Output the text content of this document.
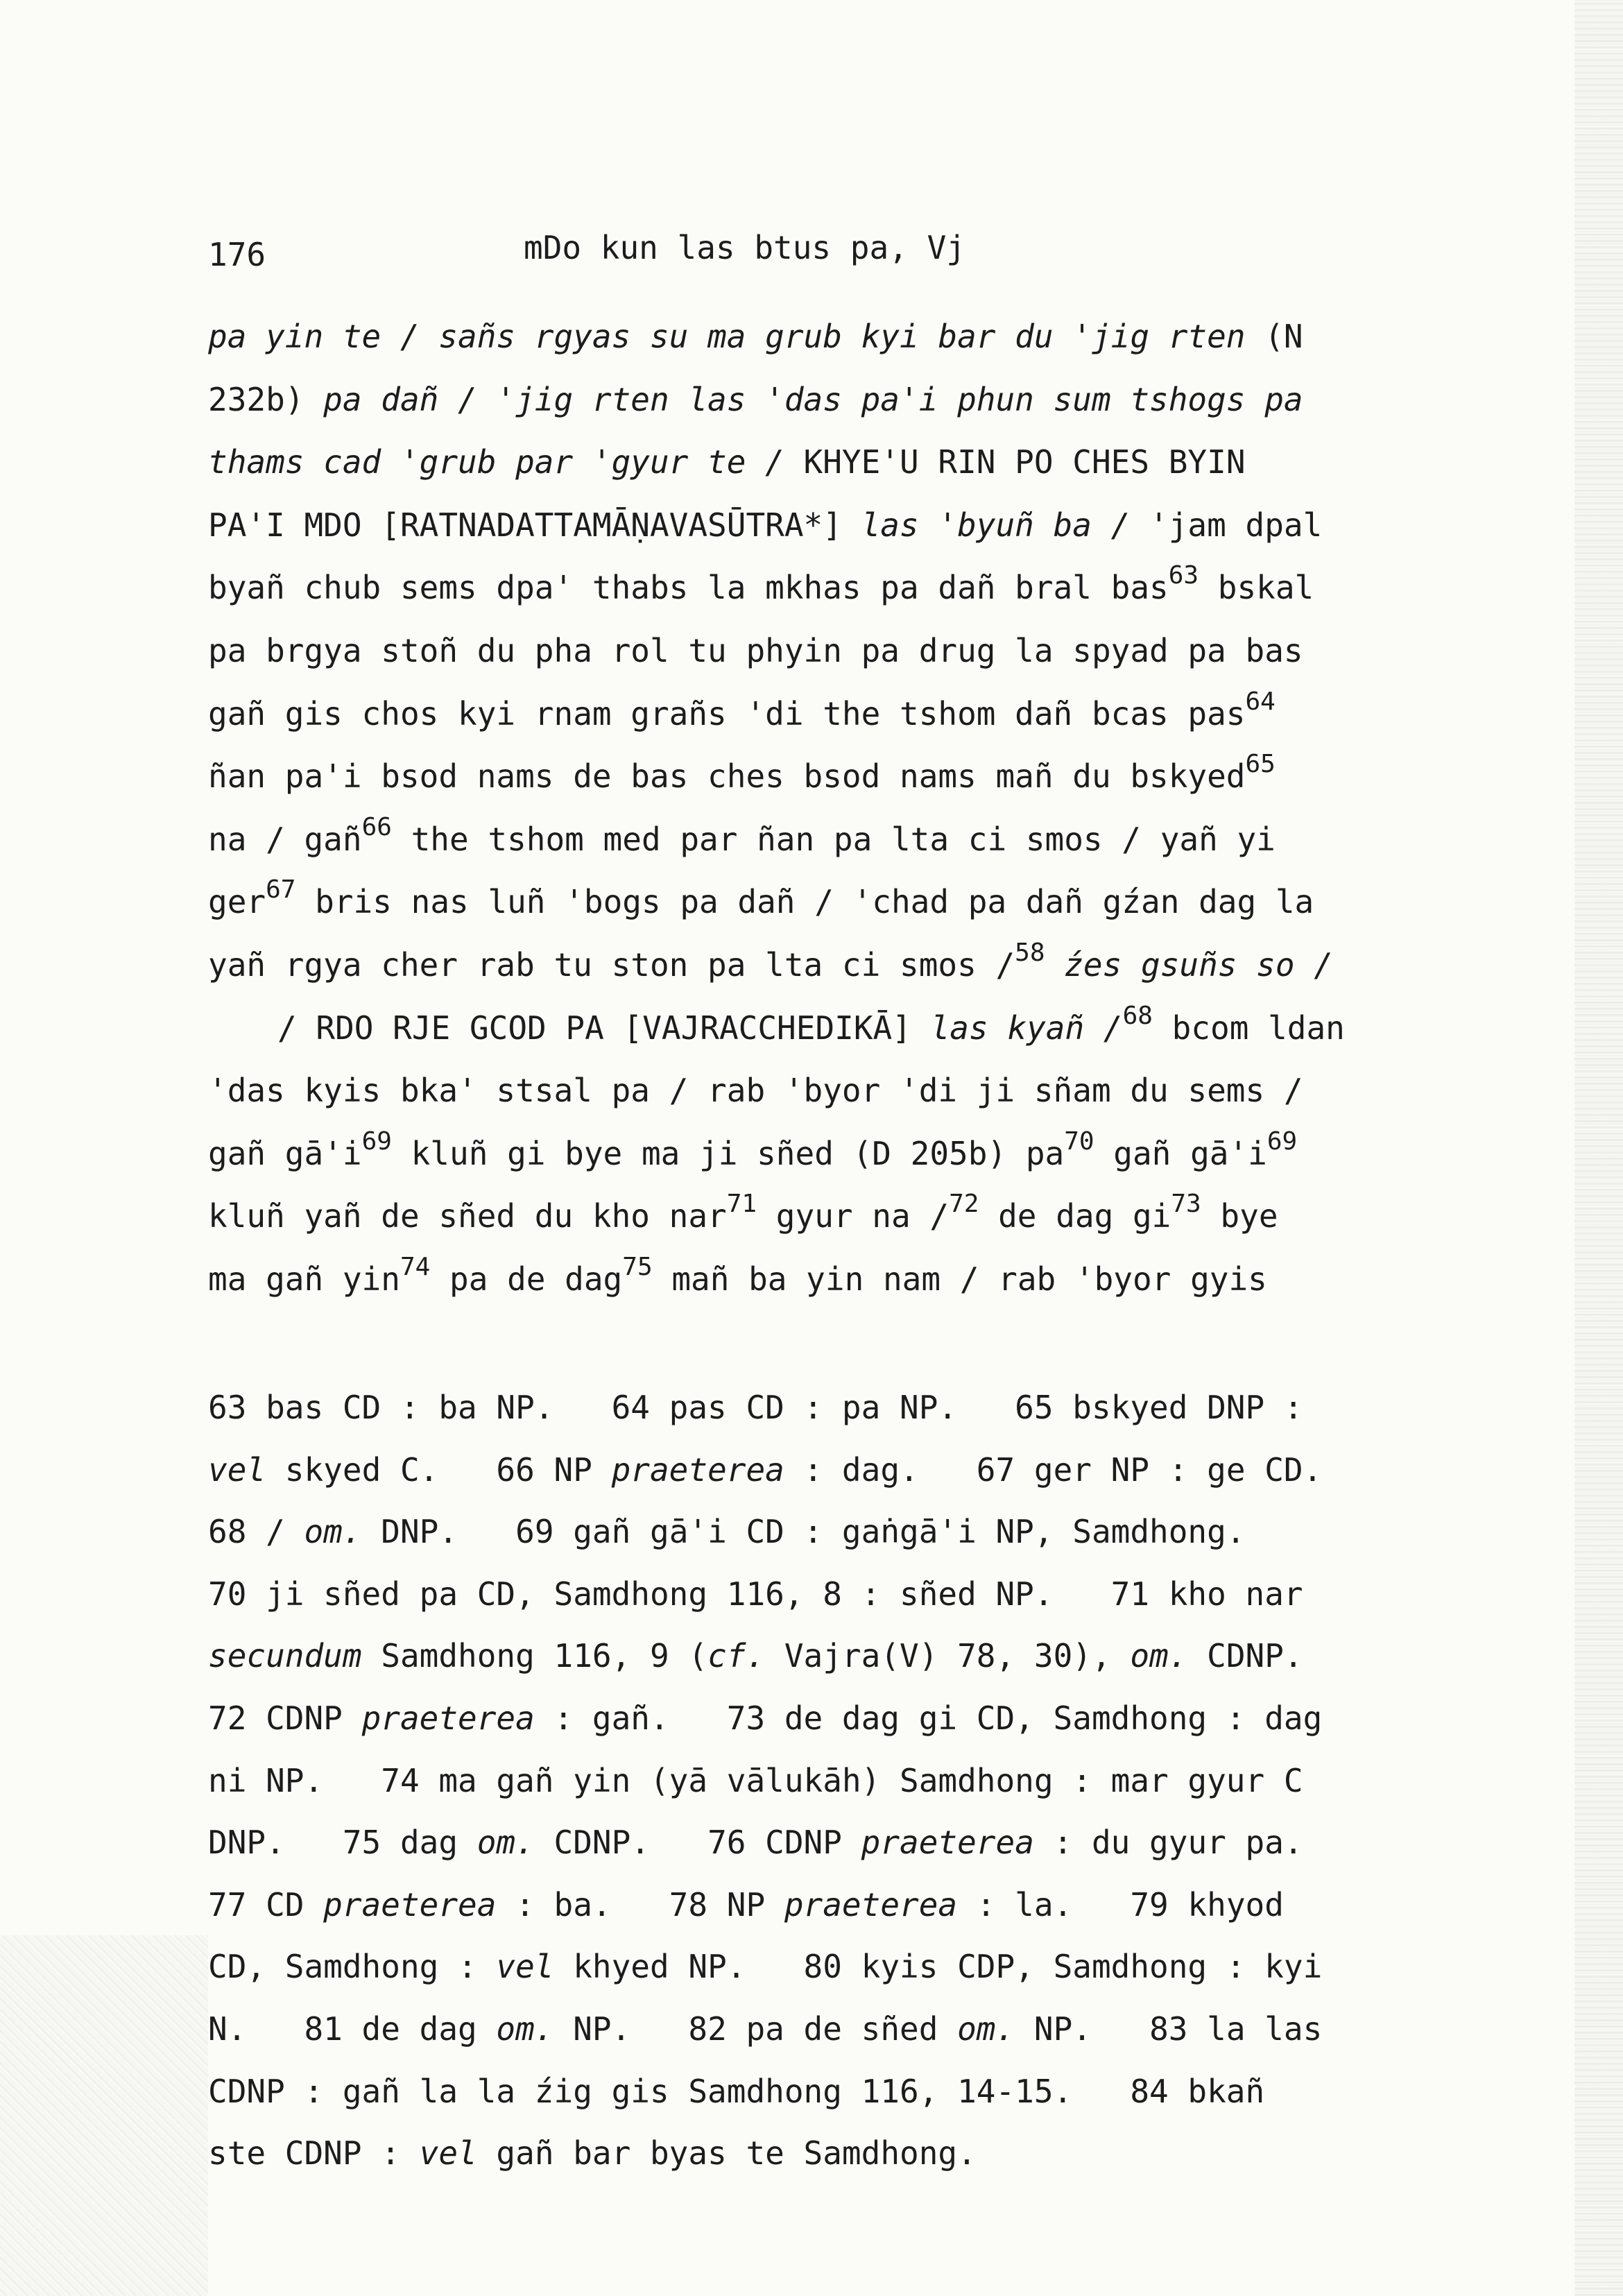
176	mDo kun las btus pa, Vj
pa yin te / sañs rgyas su ma grub kyi bar du 'jig rten (N
232b) pa dañ / 'jig rten las 'das pa'i phun sum tshogs pa
thams cad 'grub par 'gyur te / KHYE'U RIN PO CHES BYIN
PA'I MDO [RATNADATTAMĀṆAVASŪTRA*] las 'byuñ ba / 'jam dpal
byañ chub sems dpa' thabs la mkhas pa dañ bral bas$^{63}$ bskal
pa brgya stoñ du pha rol tu phyin pa drug la spyad pa bas
gañ gis chos kyi rnam grañs 'di the tshom dañ bcas pas$^{64}$
ñan pa'i bsod nams de bas ches bsod nams mañ du bskyed$^{65}$
na / gañ$^{66}$ the tshom med par ñan pa lta ci smos / yañ yi
ger$^{67}$ bris nas luñ 'bogs pa dañ / 'chad pa dañ gźan dag la
yañ rgya cher rab tu ston pa lta ci smos /$^{58}$ źes gsuñs so /
/ RDO RJE GCOD PA [VAJRACCHEDIKĀ] las kyañ /$^{68}$ bcom ldan
'das kyis bka' stsal pa / rab 'byor 'di ji sñam du sems /
gañ $gā'i^{69}$ kluñ gi bye ma ji sñed (D 205b) $pa^{70}$ gañ $gā'i^{69}$
kluñ yañ de sñed du kho nar$^{71}$ gyur na /$^{72}$ de dag $gi^{73}$ bye
ma gañ yin$^{74}$ pa de dag$^{75}$ mañ ba yin nam / rab 'byor gyis
63 bas CD : ba NP.   64 pas CD : pa NP.   65 bskyed DNP :
vel skyed C.   66 NP praeterea : dag.   67 ger NP : ge CD.
68 / om. DNP.   69 gañ gā'i CD : gaṅgā'i NP, Samdhong.
70 ji sñed pa CD, Samdhong 116, 8 : sñed NP.   71 kho nar
secundum Samdhong 116, 9 (cf. Vajra(V) 78, 30), om. CDNP.
72 CDNP praeterea : gañ.   73 de dag gi CD, Samdhong : dag
ni NP.   74 ma gañ yin (yā vālukāh) Samdhong : mar gyur C
DNP.   75 dag om. CDNP.   76 CDNP praeterea : du gyur pa.
77 CD praeterea : ba.   78 NP praeterea : la.   79 khyod
CD, Samdhong : vel khyed NP.   80 kyis CDP, Samdhong : kyi
N.   81 de dag om. NP.   82 pa de sñed om. NP.   83 la las
CDNP : gañ la la źig gis Samdhong 116, 14-15.   84 bkañ
ste CDNP : vel gañ bar byas te Samdhong.
